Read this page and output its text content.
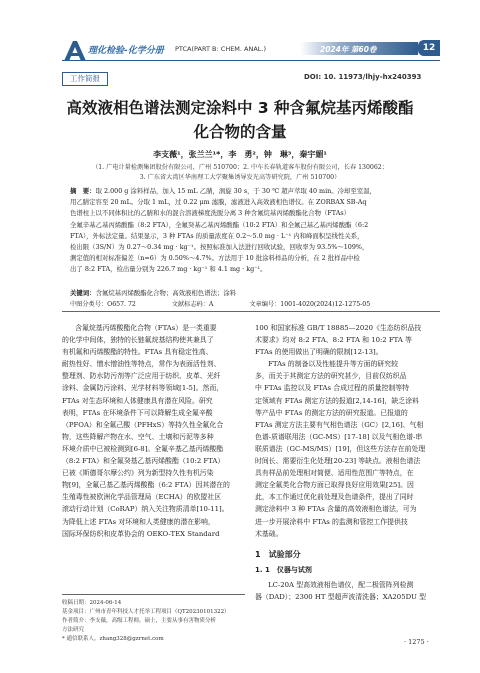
理化检验-化学分册 PTCA(PART B: CHEM. ANAL.)	2024年 第60卷	12
工作简报	DOI: 10. 11973/lhjy-hx240393
高效液相色谱法测定涂料中 3 种含氟烷基丙烯酸酯
化合物的含量
李支薇¹，张兰兰¹*，李　勇²，钟　琳³，秦宇媚¹
（1. 广电计量检测集团股份有限公司，广州 510700；2. 中车长春轨道客车股份有限公司，长春 130062；
3. 广东省大湾区华南理工大学聚集诱导发光高等研究院，广州 510700）
摘　要：取 2.000 g 涂料样品，加入 15 mL 乙腈，涡旋 30 s，于 30 ℃ 超声萃取 40 min。冷却至室温，
用乙腈定容至 20 mL。分取 1 mL，过 0.22 μm 滤膜，滤液进入高效液相色谱仪。在 ZORBAX SB-Aq
色谱柱上以不同体积比的乙腈和水的混合溶液梯度洗脱分离 3 种含氟烷基丙烯酸酯化合物（FTAs）
全氟辛基乙基丙烯酸酯（8:2 FTA），全氟癸基乙基丙烯酸酯（10:2 FTA）和全氟己基乙基丙烯酸酯（6:2
FTA），外标法定量。结果显示，3 种 FTAs 的质量浓度在 0.2～5.0 mg · L⁻¹ 内和峰面积呈线性关系，
检出限（3S/N）为 0.27～0.34 mg · kg⁻¹。按照标准加入法进行回收试验，回收率为 93.5%～109%，
测定值的相对标准偏差（n=6）为 0.50%～4.7%。方法用于 10 批涂料样品的分析，在 2 批样品中检
出了 8:2 FTA，检出量分别为 226.7 mg · kg⁻¹ 和 4.1 mg · kg⁻¹。
关键词：含氟烷基丙烯酸酯化合物；高效液相色谱法；涂料
中图分类号：O657. 72	文献标志码：A	文章编号：1001-4020(2024)12-1275-05
含氟烷基丙烯酸酯化合物（FTAs）是一类重要
的化学中间体，独特的长链氟烷基结构使其兼具了
有机氟和丙烯酸酯的特性。FTAs 具有稳定性高、
耐热性好、憎水憎油性等特点，常作为表面活性剂、
整理剂、防水防污剂等广泛应用于纺织、皮革、光纤
涂料、金属防污涂料、光学材料等领域[1-5]。然而，
FTAs 对生态环境和人体健康具有潜在风险。研究
表明，FTAs 在环境条件下可以降解生成全氟辛酸
（PFOA）和全氟己酸（PFHxS）等持久性全氟化合
物，这些降解产物在水、空气、土壤和污泥等多种
环境介质中已被检测到[6-8]。全氟辛基乙基丙烯酸酯
（8:2 FTA）和全氟癸基乙基丙烯酸酯（10:2 FTA）
已被《斯德哥尔摩公约》列为新型持久性有机污染
物[9]，全氟己基乙基丙烯酸酯（6:2 FTA）因其潜在的
生殖毒性被欧洲化学品管理局（ECHA）的欧盟社区
滚动行动计划（CoRAP）纳入关注物质清单[10-11]。
为降低上述 FTAs 对环境和人类健康的潜在影响，
国际环保纺织和皮革协会的 OEKO-TEX Standard
收稿日期：2024-06-14
基金项目：广州市青年科技人才托举工程项目（QT20230101322）
作者简介：李支薇，高级工程师，硕士，主要从事有害物质分析
方法研究
* 通信联系人。zhang328@gzrnet.com
100 和国家标准 GB/T 18885—2020《生态纺织品技
术要求》均对 8:2 FTA、8:2 FTA 和 10:2 FTA 等
FTAs 的使用做出了明确的限制[12-13]。
FTAs 的制备以及性能提升等方面的研究较
多，而关于其测定方法的研究甚少，目前仅纺织品
中 FTAs 监控以及 FTAs 合成过程的质量控制等特
定领域有 FTAs 测定方法的报道[2,14-16]，缺乏涂料
等产品中 FTAs 的测定方法的研究报道。已报道的
FTAs 测定方法主要有气相色谱法（GC）[2,16]、气相
色谱-质谱联用法（GC-MS）[17-18] 以及气相色谱-串
联质谱法（GC-MS/MS）[19]，但这些方法存在前处理
时间长、需要衍生化处理[20-23] 等缺点。液相色谱法
具有样品前处理相对简便、适用性范围广等特点，在
测定全氟类化合物方面已取得良好应用效果[25]。因
此，本工作通过优化前处理及色谱条件，提出了同时
测定涂料中 3 种 FTAs 含量的高效液相色谱法，可为
进一步开展涂料中 FTAs 的监测和管控工作提供技
术基础。
1　试验部分
1. 1　仪器与试剂
LC-20A 型高效液相色谱仪，配二极管阵列检测
器（DAD）；2300 HT 型超声波清洗器；XA205DU 型
· 1275 ·
